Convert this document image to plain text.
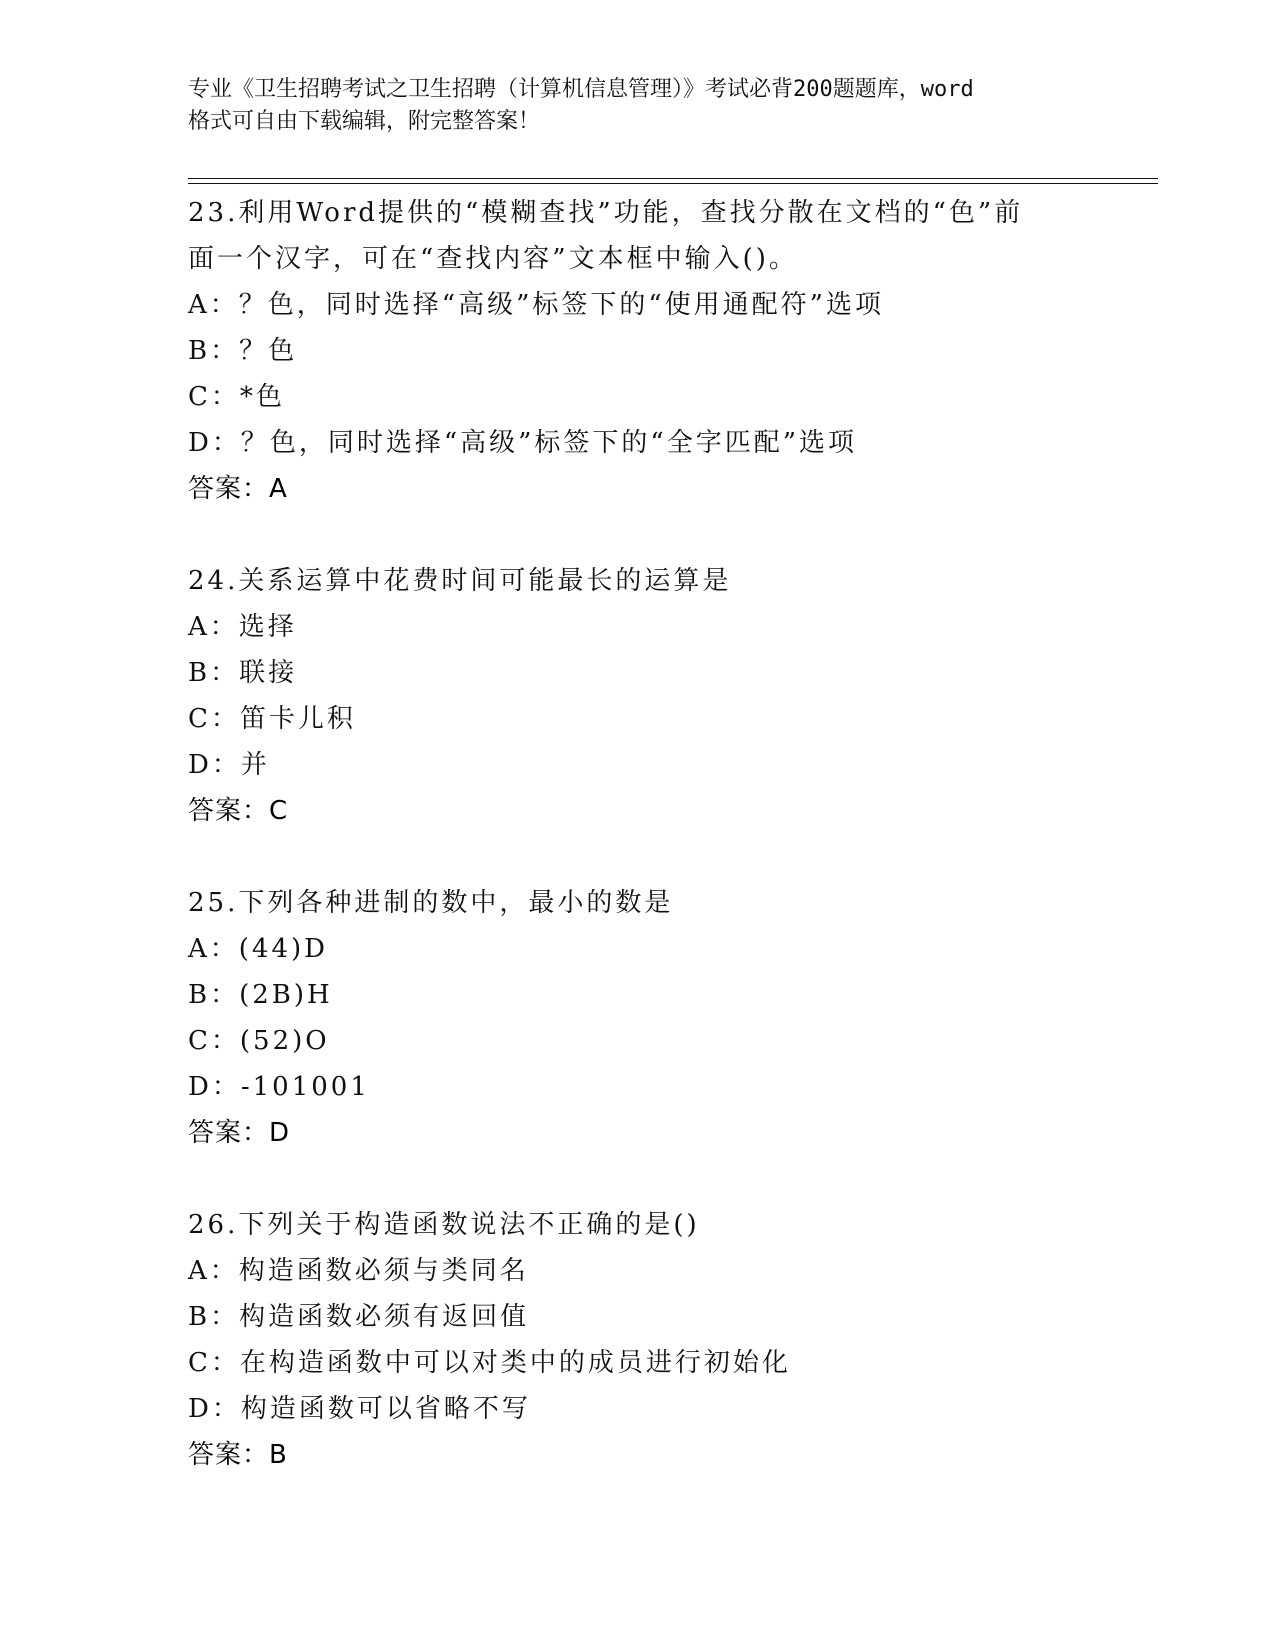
专业《卫生招聘考试之卫生招聘（计算机信息管理）》考试必背200题题库，word
格式可自由下载编辑，附完整答案！
23.利用Word提供的“模糊查找”功能，查找分散在文档的“色”前
面一个汉字，可在“查找内容”文本框中输入()。
A：？色，同时选择“高级”标签下的“使用通配符”选项
B：？色
C：*色
D：？色，同时选择“高级”标签下的“全字匹配”选项
答案：A
24.关系运算中花费时间可能最长的运算是
A：选择
B：联接
C：笛卡儿积
D：并
答案：C
25.下列各种进制的数中，最小的数是
A：(44)D
B：(2B)H
C：(52)O
D：-101001
答案：D
26.下列关于构造函数说法不正确的是()
A：构造函数必须与类同名
B：构造函数必须有返回值
C：在构造函数中可以对类中的成员进行初始化
D：构造函数可以省略不写
答案：B
